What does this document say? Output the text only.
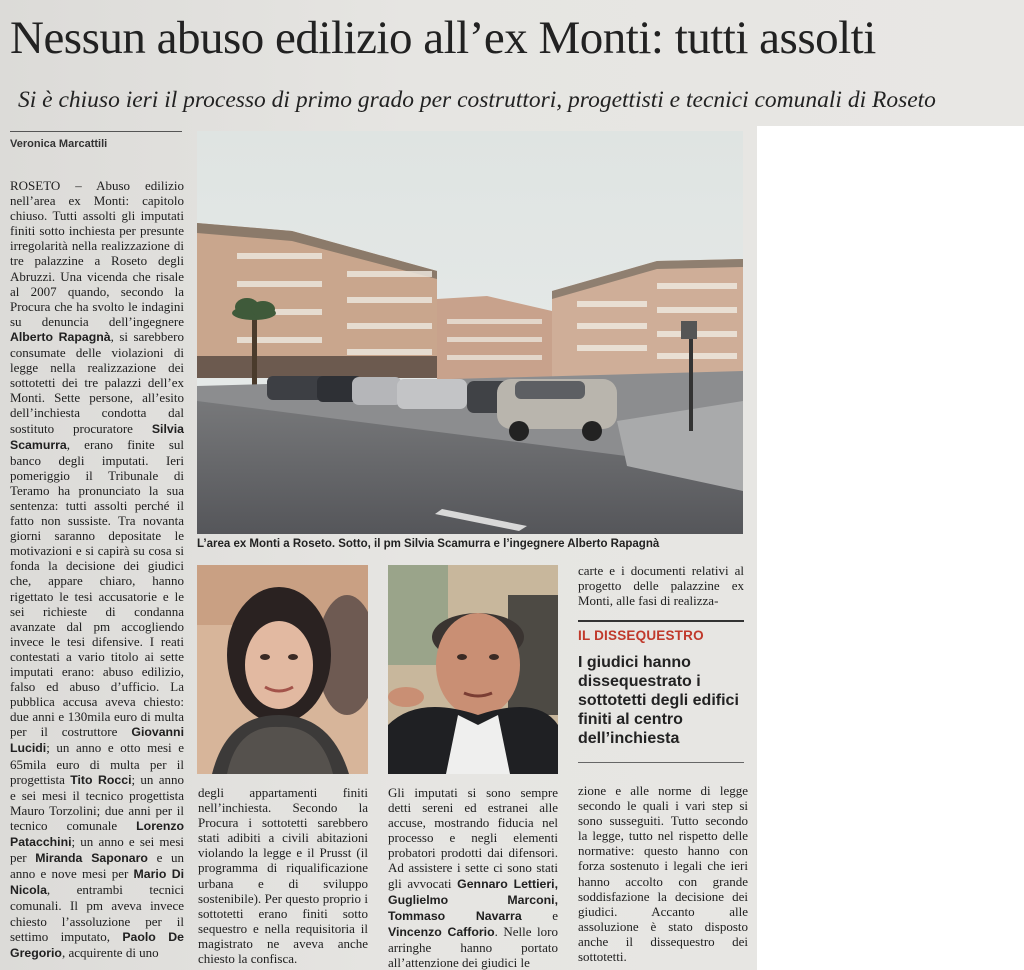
Nessun abuso edilizio all’ex Monti: tutti assolti
Si è chiuso ieri il processo di primo grado per costruttori, progettisti e tecnici comunali di Roseto
Veronica Marcattili
ROSETO – Abuso edilizio nell’area ex Monti: capitolo chiuso. Tutti assolti gli imputati finiti sotto inchiesta per presunte irregolarità nella realizzazione di tre palazzine a Roseto degli Abruzzi. Una vicenda che risale al 2007 quando, secondo la Procura che ha svolto le indagini su denuncia dell’ingegnere Alberto Rapagnà, si sarebbero consumate delle violazioni di legge nella realizzazione dei sottotetti dei tre palazzi dell’ex Monti. Sette persone, all’esito dell’inchiesta condotta dal sostituto procuratore Silvia Scamurra, erano finite sul banco degli imputati. Ieri pomeriggio il Tribunale di Teramo ha pronunciato la sua sentenza: tutti assolti perché il fatto non sussiste. Tra novanta giorni saranno depositate le motivazioni e si capirà su cosa si fonda la decisione dei giudici che, appare chiaro, hanno rigettato le tesi accusatorie e le sei richieste di condanna avanzate dal pm accogliendo invece le tesi difensive. I reati contestati a vario titolo ai sette imputati erano: abuso edilizio, falso ed abuso d’ufficio. La pubblica accusa aveva chiesto: due anni e 130mila euro di multa per il costruttore Giovanni Lucidi; un anno e otto mesi e 65mila euro di multa per il progettista Tito Rocci; un anno e sei mesi il tecnico progettista Mauro Torzolini; due anni per il tecnico comunale Lorenzo Patacchini; un anno e sei mesi per Miranda Saponaro e un anno e nove mesi per Mario Di Nicola, entrambi tecnici comunali. Il pm aveva invece chiesto l’assoluzione per il settimo imputato, Paolo De Gregorio, acquirente di uno
L’area ex Monti a Roseto. Sotto, il pm Silvia Scamurra e l’ingegnere Alberto Rapagnà
carte e i documenti relativi al progetto delle palazzine ex Monti, alle fasi di realizza-
IL DISSEQUESTRO
I giudici hanno dissequestrato i sottotetti degli edifici finiti al centro dell’inchiesta
degli appartamenti finiti nell’inchiesta. Secondo la Procura i sottotetti sarebbero stati adibiti a civili abitazioni violando la legge e il Prusst (il programma di riqualificazione urbana e di sviluppo sostenibile). Per questo proprio i sottotetti erano finiti sotto sequestro e nella requisitoria il magistrato ne aveva anche chiesto la confisca.
Gli imputati si sono sempre detti sereni ed estranei alle accuse, mostrando fiducia nel processo e negli elementi probatori prodotti dai difensori. Ad assistere i sette ci sono stati gli avvocati Gennaro Lettieri, Guglielmo Marconi, Tommaso Navarra e Vincenzo Cafforio. Nelle loro arringhe hanno portato all’attenzione dei giudici le
zione e alle norme di legge secondo le quali i vari step si sono susseguiti. Tutto secondo la legge, tutto nel rispetto delle normative: questo hanno con forza sostenuto i legali che ieri hanno accolto con grande soddisfazione la decisione dei giudici. Accanto alle assoluzione è stato disposto anche il dissequestro dei sottotetti.
